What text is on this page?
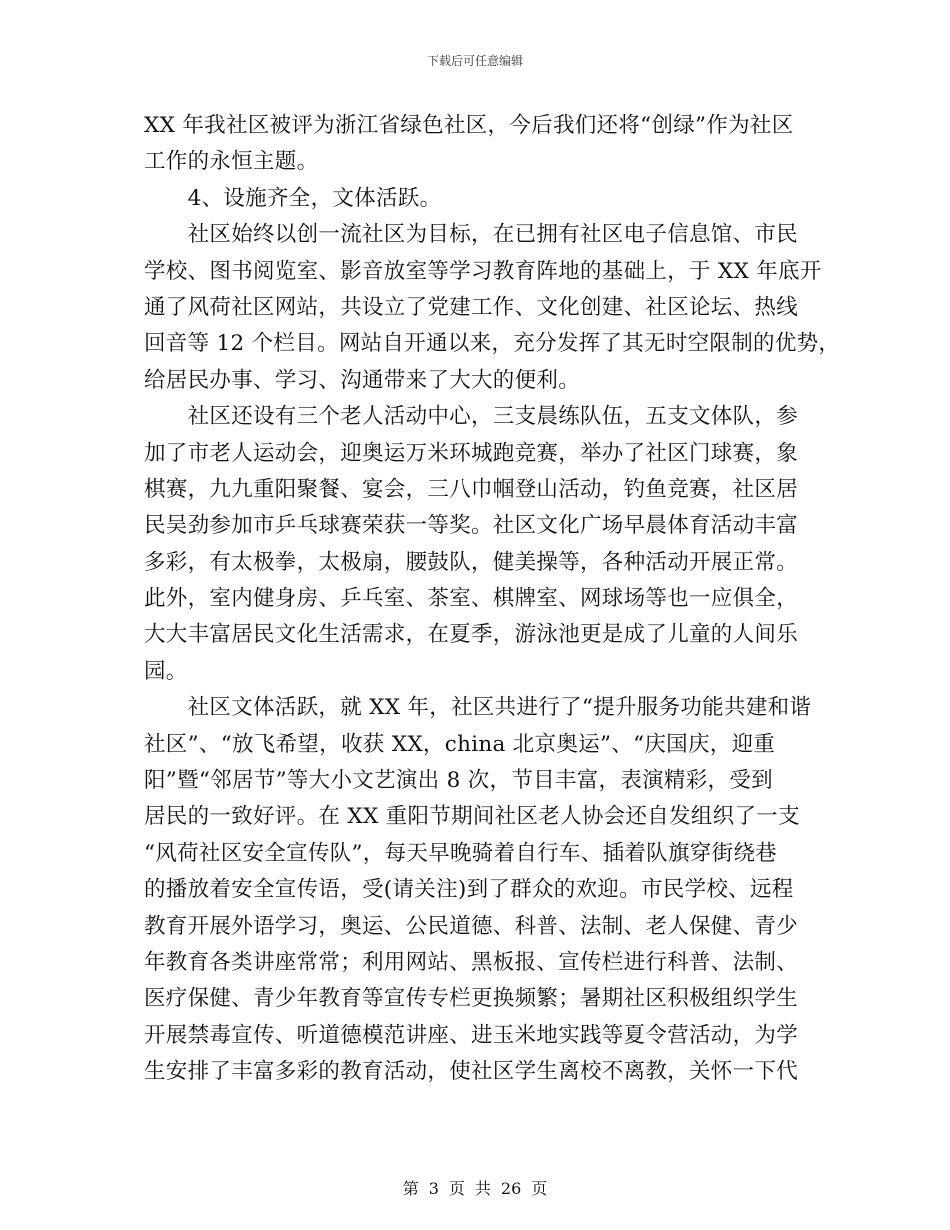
下载后可任意编辑
XX 年我社区被评为浙江省绿色社区，今后我们还将“创绿”作为社区
工作的永恒主题。
　　4、设施齐全，文体活跃。
　　社区始终以创一流社区为目标，在已拥有社区电子信息馆、市民
学校、图书阅览室、影音放室等学习教育阵地的基础上，于 XX 年底开
通了风荷社区网站，共设立了党建工作、文化创建、社区论坛、热线
回音等 12 个栏目。网站自开通以来，充分发挥了其无时空限制的优势，
给居民办事、学习、沟通带来了大大的便利。
　　社区还设有三个老人活动中心，三支晨练队伍，五支文体队，参
加了市老人运动会，迎奥运万米环城跑竞赛，举办了社区门球赛，象
棋赛，九九重阳聚餐、宴会，三八巾帼登山活动，钓鱼竞赛，社区居
民吴劲参加市乒乓球赛荣获一等奖。社区文化广场早晨体育活动丰富
多彩，有太极拳，太极扇，腰鼓队，健美操等，各种活动开展正常。
此外，室内健身房、乒乓室、茶室、棋牌室、网球场等也一应俱全，
大大丰富居民文化生活需求，在夏季，游泳池更是成了儿童的人间乐
园。
　　社区文体活跃，就 XX 年，社区共进行了“提升服务功能共建和谐
社区”、“放飞希望，收获 XX，china 北京奥运”、“庆国庆，迎重
阳”暨“邻居节”等大小文艺演出 8 次，节目丰富，表演精彩，受到
居民的一致好评。在 XX 重阳节期间社区老人协会还自发组织了一支
“风荷社区安全宣传队”，每天早晚骑着自行车、插着队旗穿街绕巷
的播放着安全宣传语，受(请关注)到了群众的欢迎。市民学校、远程
教育开展外语学习，奥运、公民道德、科普、法制、老人保健、青少
年教育各类讲座常常；利用网站、黑板报、宣传栏进行科普、法制、
医疗保健、青少年教育等宣传专栏更换频繁；暑期社区积极组织学生
开展禁毒宣传、听道德模范讲座、进玉米地实践等夏令营活动，为学
生安排了丰富多彩的教育活动，使社区学生离校不离教，关怀一下代
第 3 页 共 26 页
